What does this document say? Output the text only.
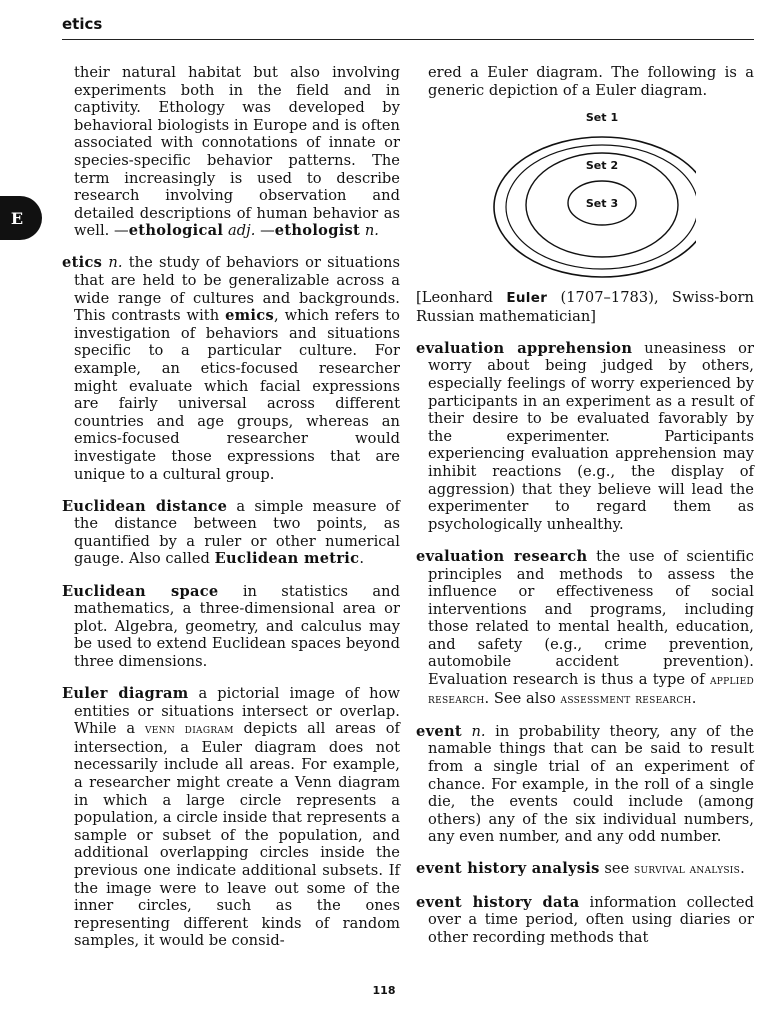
etics
E

their natural habitat but also involving experiments both in the field and in captivity. Ethology was developed by behavioral biologists in Europe and is often associated with connotations of innate or species-specific behavior patterns. The term increasingly is used to describe research involving observation and detailed descriptions of human behavior as well. —ethological adj. —ethologist n.

etics n. the study of behaviors or situations that are held to be generalizable across a wide range of cultures and backgrounds. This contrasts with emics, which refers to investigation of behaviors and situations specific to a particular culture. For example, an etics-focused researcher might evaluate which facial expressions are fairly universal across different countries and age groups, whereas an emics-focused researcher would investigate those expressions that are unique to a cultural group.

Euclidean distance a simple measure of the distance between two points, as quantified by a ruler or other numerical gauge. Also called Euclidean metric.

Euclidean space in statistics and mathematics, a three-dimensional area or plot. Algebra, geometry, and calculus may be used to extend Euclidean spaces beyond three dimensions.

Euler diagram a pictorial image of how entities or situations intersect or overlap. While a venn diagram depicts all areas of intersection, a Euler diagram does not necessarily include all areas. For example, a researcher might create a Venn diagram in which a large circle represents a population, a circle inside that represents a sample or subset of the population, and additional overlapping circles inside the previous one indicate additional subsets. If the image were to leave out some of the inner circles, such as the ones representing different kinds of random samples, it would be consid-

ered a Euler diagram. The following is a generic depiction of a Euler diagram.

Set 1
Set 2
Set 3

[Leonhard Euler (1707–1783), Swiss-born Russian mathematician]

evaluation apprehension uneasiness or worry about being judged by others, especially feelings of worry experienced by participants in an experiment as a result of their desire to be evaluated favorably by the experimenter. Participants experiencing evaluation apprehension may inhibit reactions (e.g., the display of aggression) that they believe will lead the experimenter to regard them as psychologically unhealthy.

evaluation research the use of scientific principles and methods to assess the influence or effectiveness of social interventions and programs, including those related to mental health, education, and safety (e.g., crime prevention, automobile accident prevention). Evaluation research is thus a type of applied research. See also assessment research.

event n. in probability theory, any of the namable things that can be said to result from a single trial of an experiment of chance. For example, in the roll of a single die, the events could include (among others) any of the six individual numbers, any even number, and any odd number.

event history analysis see survival analysis.

event history data information collected over a time period, often using diaries or other recording methods that

118
